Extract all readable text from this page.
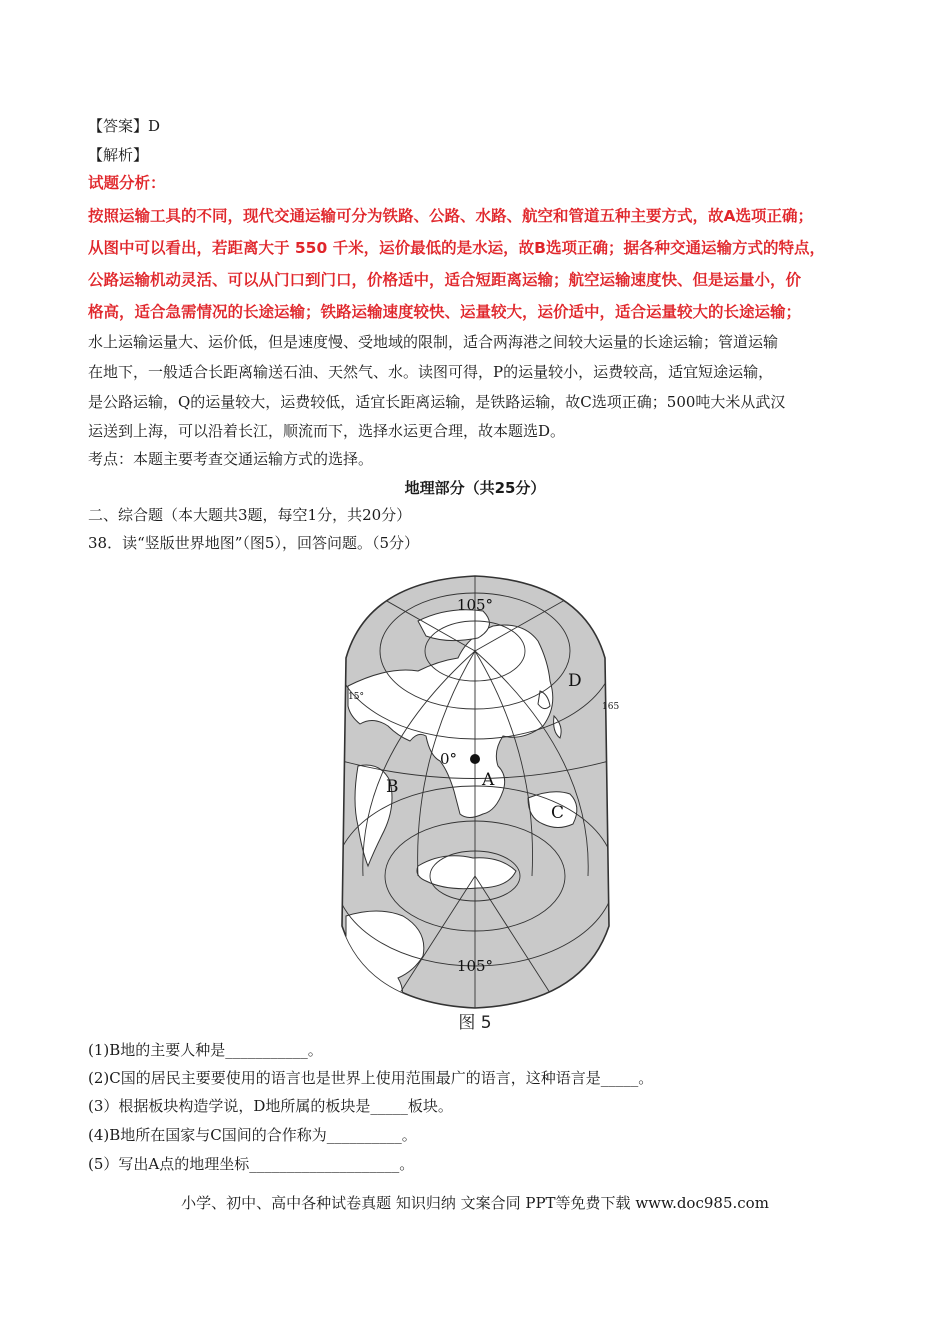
【答案】D
【解析】
试题分析：
按照运输工具的不同，现代交通运输可分为铁路、公路、水路、航空和管道五种主要方式，故A选项正确；
从图中可以看出，若距离大于 550 千米，运价最低的是水运，故B选项正确；据各种交通运输方式的特点，
公路运输机动灵活、可以从门口到门口，价格适中，适合短距离运输；航空运输速度快、但是运量小，价
格高，适合急需情况的长途运输；铁路运输速度较快、运量较大，运价适中，适合运量较大的长途运输；
水上运输运量大、运价低，但是速度慢、受地域的限制，适合两海港之间较大运量的长途运输；管道运输
在地下，一般适合长距离输送石油、天然气、水。读图可得，P的运量较小，运费较高，适宜短途运输，
是公路运输，Q的运量较大，运费较低，适宜长距离运输，是铁路运输，故C选项正确；500吨大米从武汉
运送到上海，可以沿着长江，顺流而下，选择水运更合理，故本题选D。
考点：本题主要考查交通运输方式的选择。
地理部分（共25分）
二、综合题（本大题共3题，每空1分，共20分）
38．读“竖版世界地图”（图5），回答问题。（5分）
105°
105°
15°
165
0°
A
B
C
D
图 5
(1)B地的主要人种是___________。
(2)C国的居民主要要使用的语言也是世界上使用范围最广的语言，这种语言是_____。
(3）根据板块构造学说，D地所属的板块是_____板块。
(4)B地所在国家与C国间的合作称为__________。
(5）写出A点的地理坐标____________________。
小学、初中、高中各种试卷真题 知识归纳 文案合同 PPT等免费下载 www.doc985.com
